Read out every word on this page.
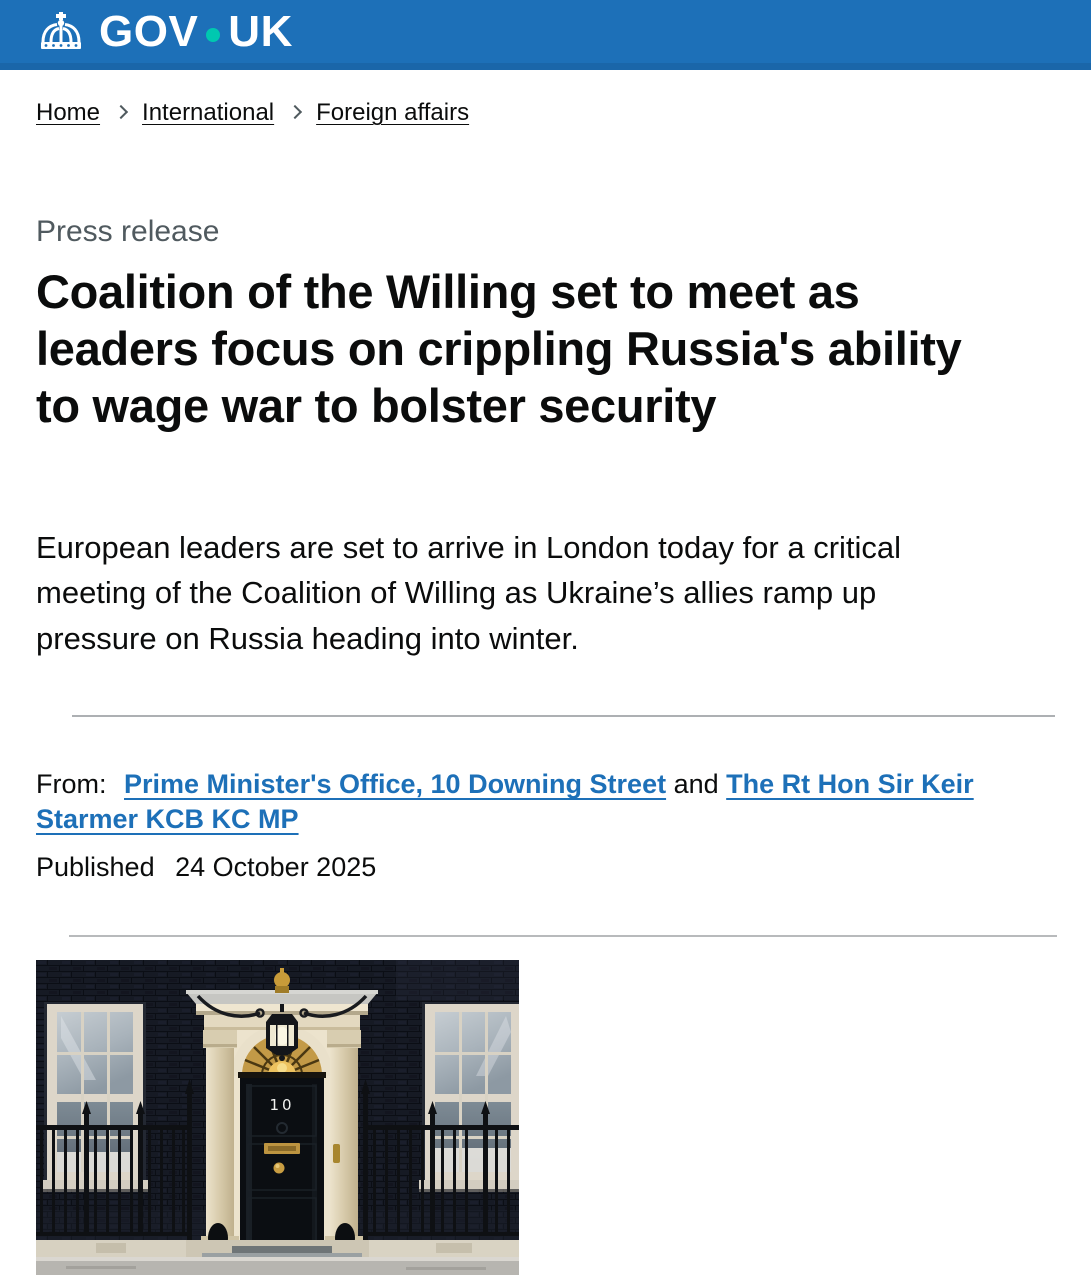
GOV UK
Home International Foreign affairs

Press release

Coalition of the Willing set to meet as leaders focus on crippling Russia's ability to wage war to bolster security

European leaders are set to arrive in London today for a critical meeting of the Coalition of Willing as Ukraine’s allies ramp up pressure on Russia heading into winter.

From: Prime Minister's Office, 10 Downing Street and The Rt Hon Sir Keir Starmer KCB KC MP

Published 24 October 2025

10
